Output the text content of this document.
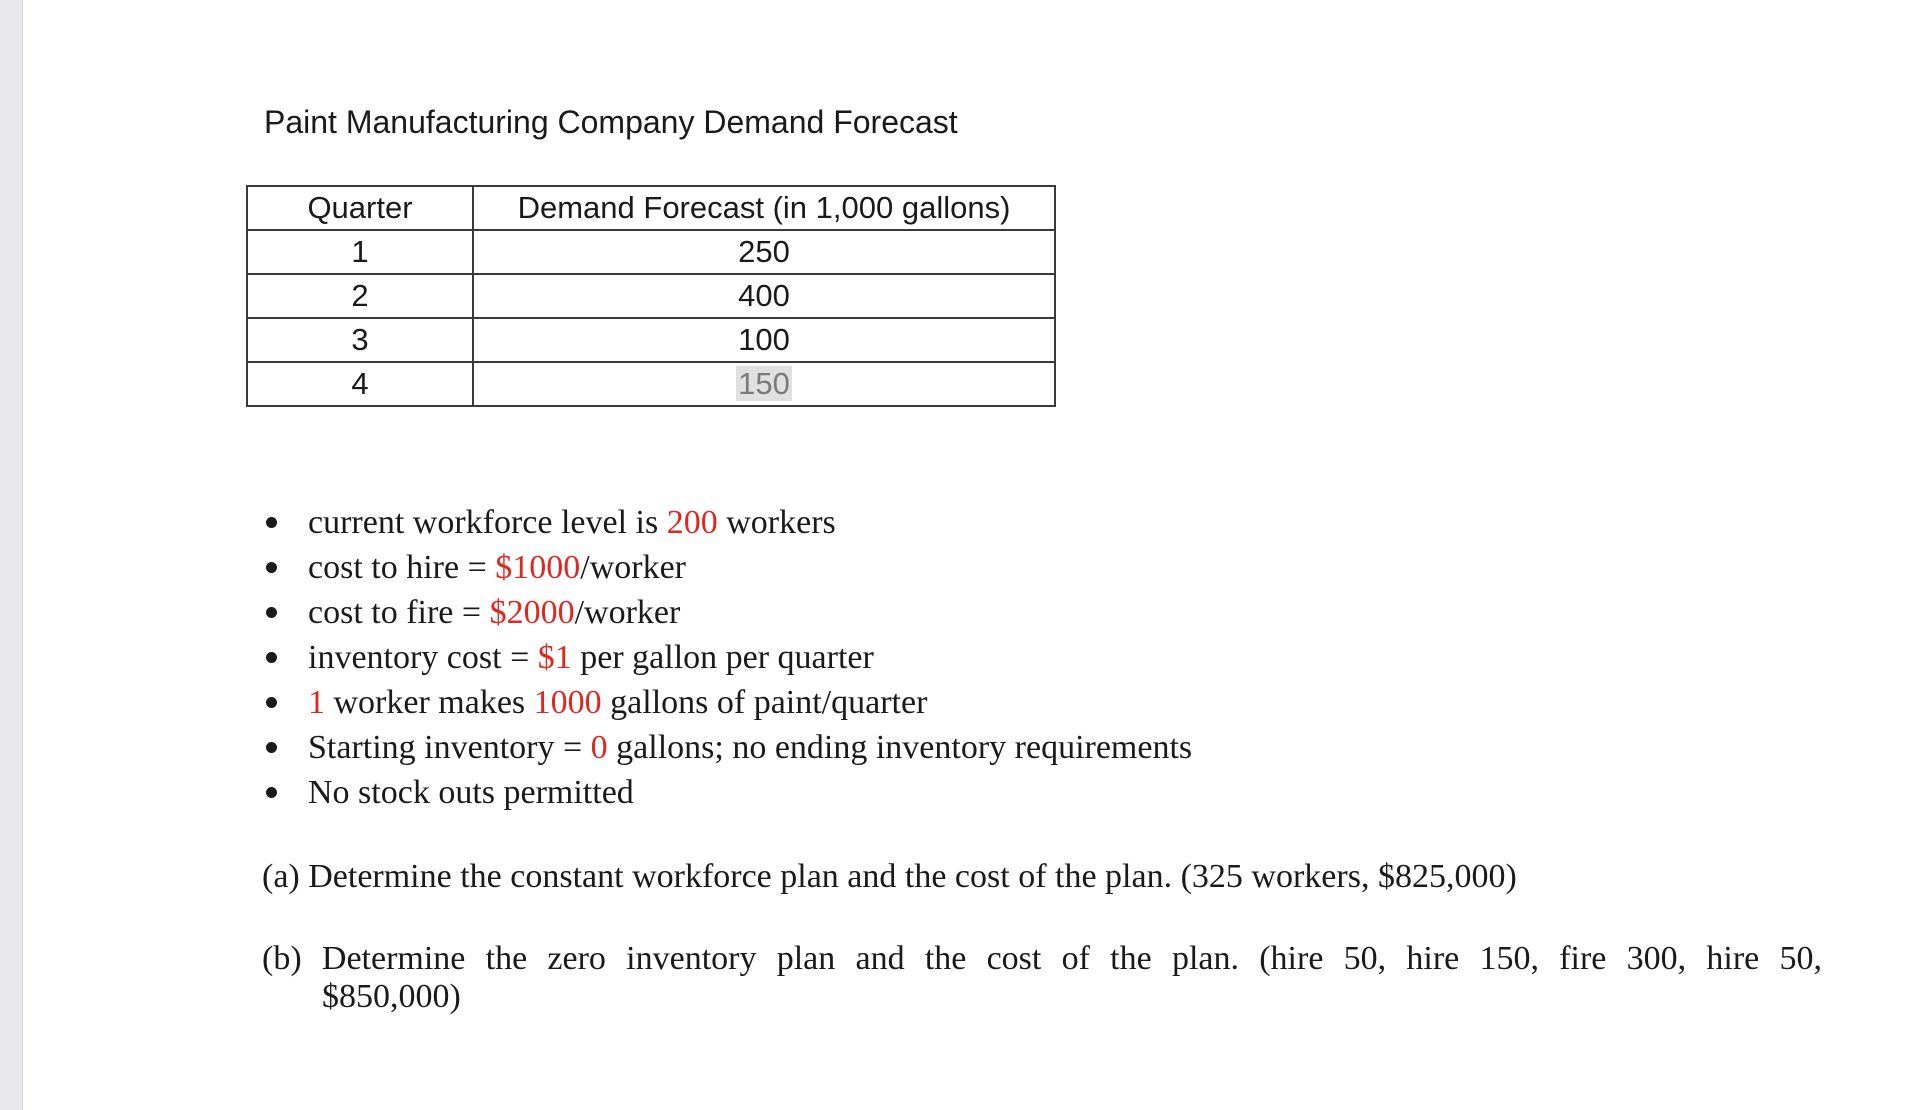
Paint Manufacturing Company Demand Forecast
Quarter	Demand Forecast (in 1,000 gallons)
1	250
2	400
3	100
4	150
current workforce level is 200 workers
cost to hire = $1000/worker
cost to fire = $2000/worker
inventory cost = $1 per gallon per quarter
1 worker makes 1000 gallons of paint/quarter
Starting inventory = 0 gallons; no ending inventory requirements
No stock outs permitted
(a) Determine the constant workforce plan and the cost of the plan. (325 workers, $825,000)
(b) Determine the zero inventory plan and the cost of the plan. (hire 50, hire 150, fire 300, hire 50,
$850,000)
